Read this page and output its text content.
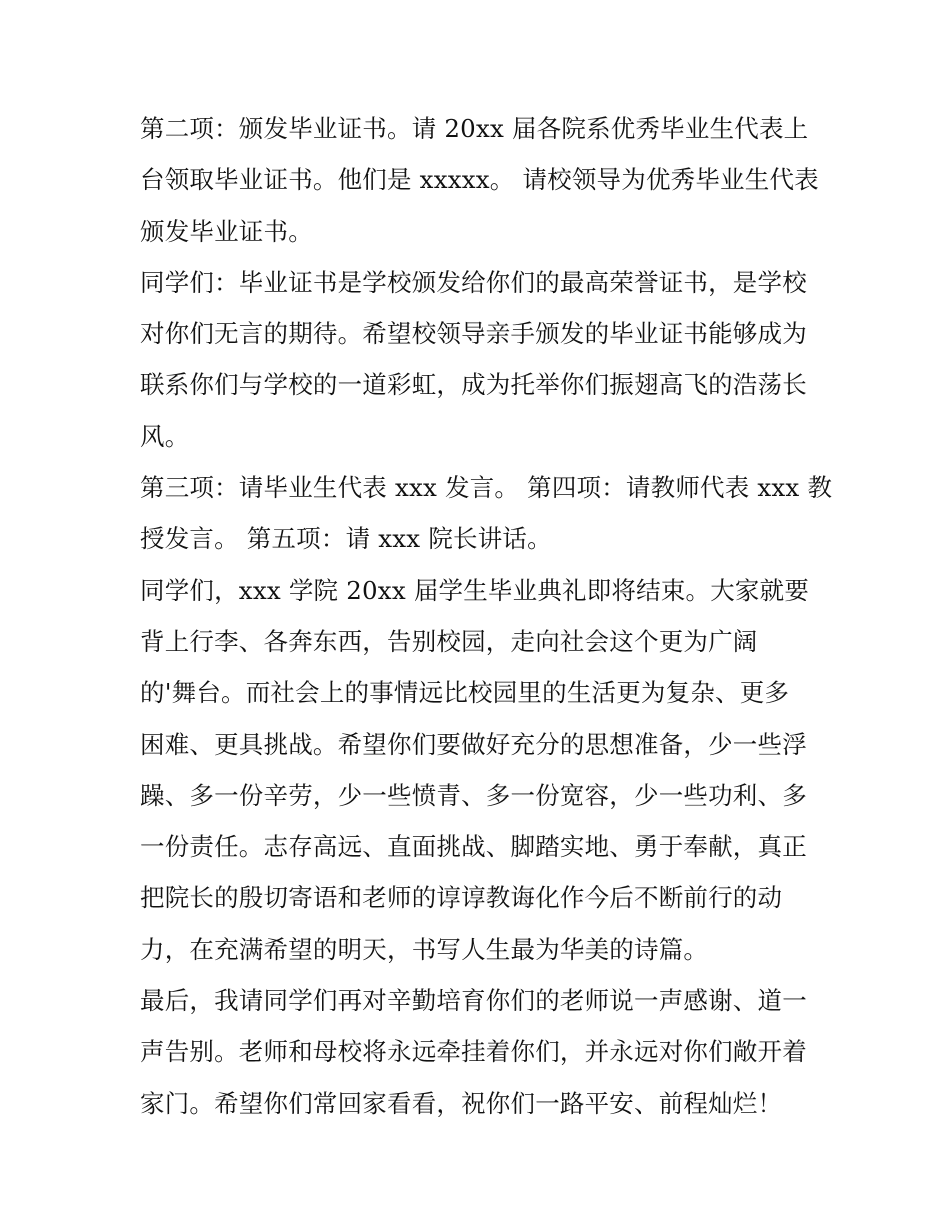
第二项：颁发毕业证书。请 20xx 届各院系优秀毕业生代表上
台领取毕业证书。他们是 xxxxx。 请校领导为优秀毕业生代表
颁发毕业证书。
同学们：毕业证书是学校颁发给你们的最高荣誉证书，是学校
对你们无言的期待。希望校领导亲手颁发的毕业证书能够成为
联系你们与学校的一道彩虹，成为托举你们振翅高飞的浩荡长
风。
第三项：请毕业生代表 xxx 发言。 第四项：请教师代表 xxx 教
授发言。 第五项：请 xxx 院长讲话。
同学们，xxx 学院 20xx 届学生毕业典礼即将结束。大家就要
背上行李、各奔东西，告别校园，走向社会这个更为广阔
的'舞台。而社会上的事情远比校园里的生活更为复杂、更多
困难、更具挑战。希望你们要做好充分的思想准备，少一些浮
躁、多一份辛劳，少一些愤青、多一份宽容，少一些功利、多
一份责任。志存高远、直面挑战、脚踏实地、勇于奉献，真正
把院长的殷切寄语和老师的谆谆教诲化作今后不断前行的动
力，在充满希望的明天，书写人生最为华美的诗篇。
最后，我请同学们再对辛勤培育你们的老师说一声感谢、道一
声告别。老师和母校将永远牵挂着你们，并永远对你们敞开着
家门。希望你们常回家看看，祝你们一路平安、前程灿烂！
